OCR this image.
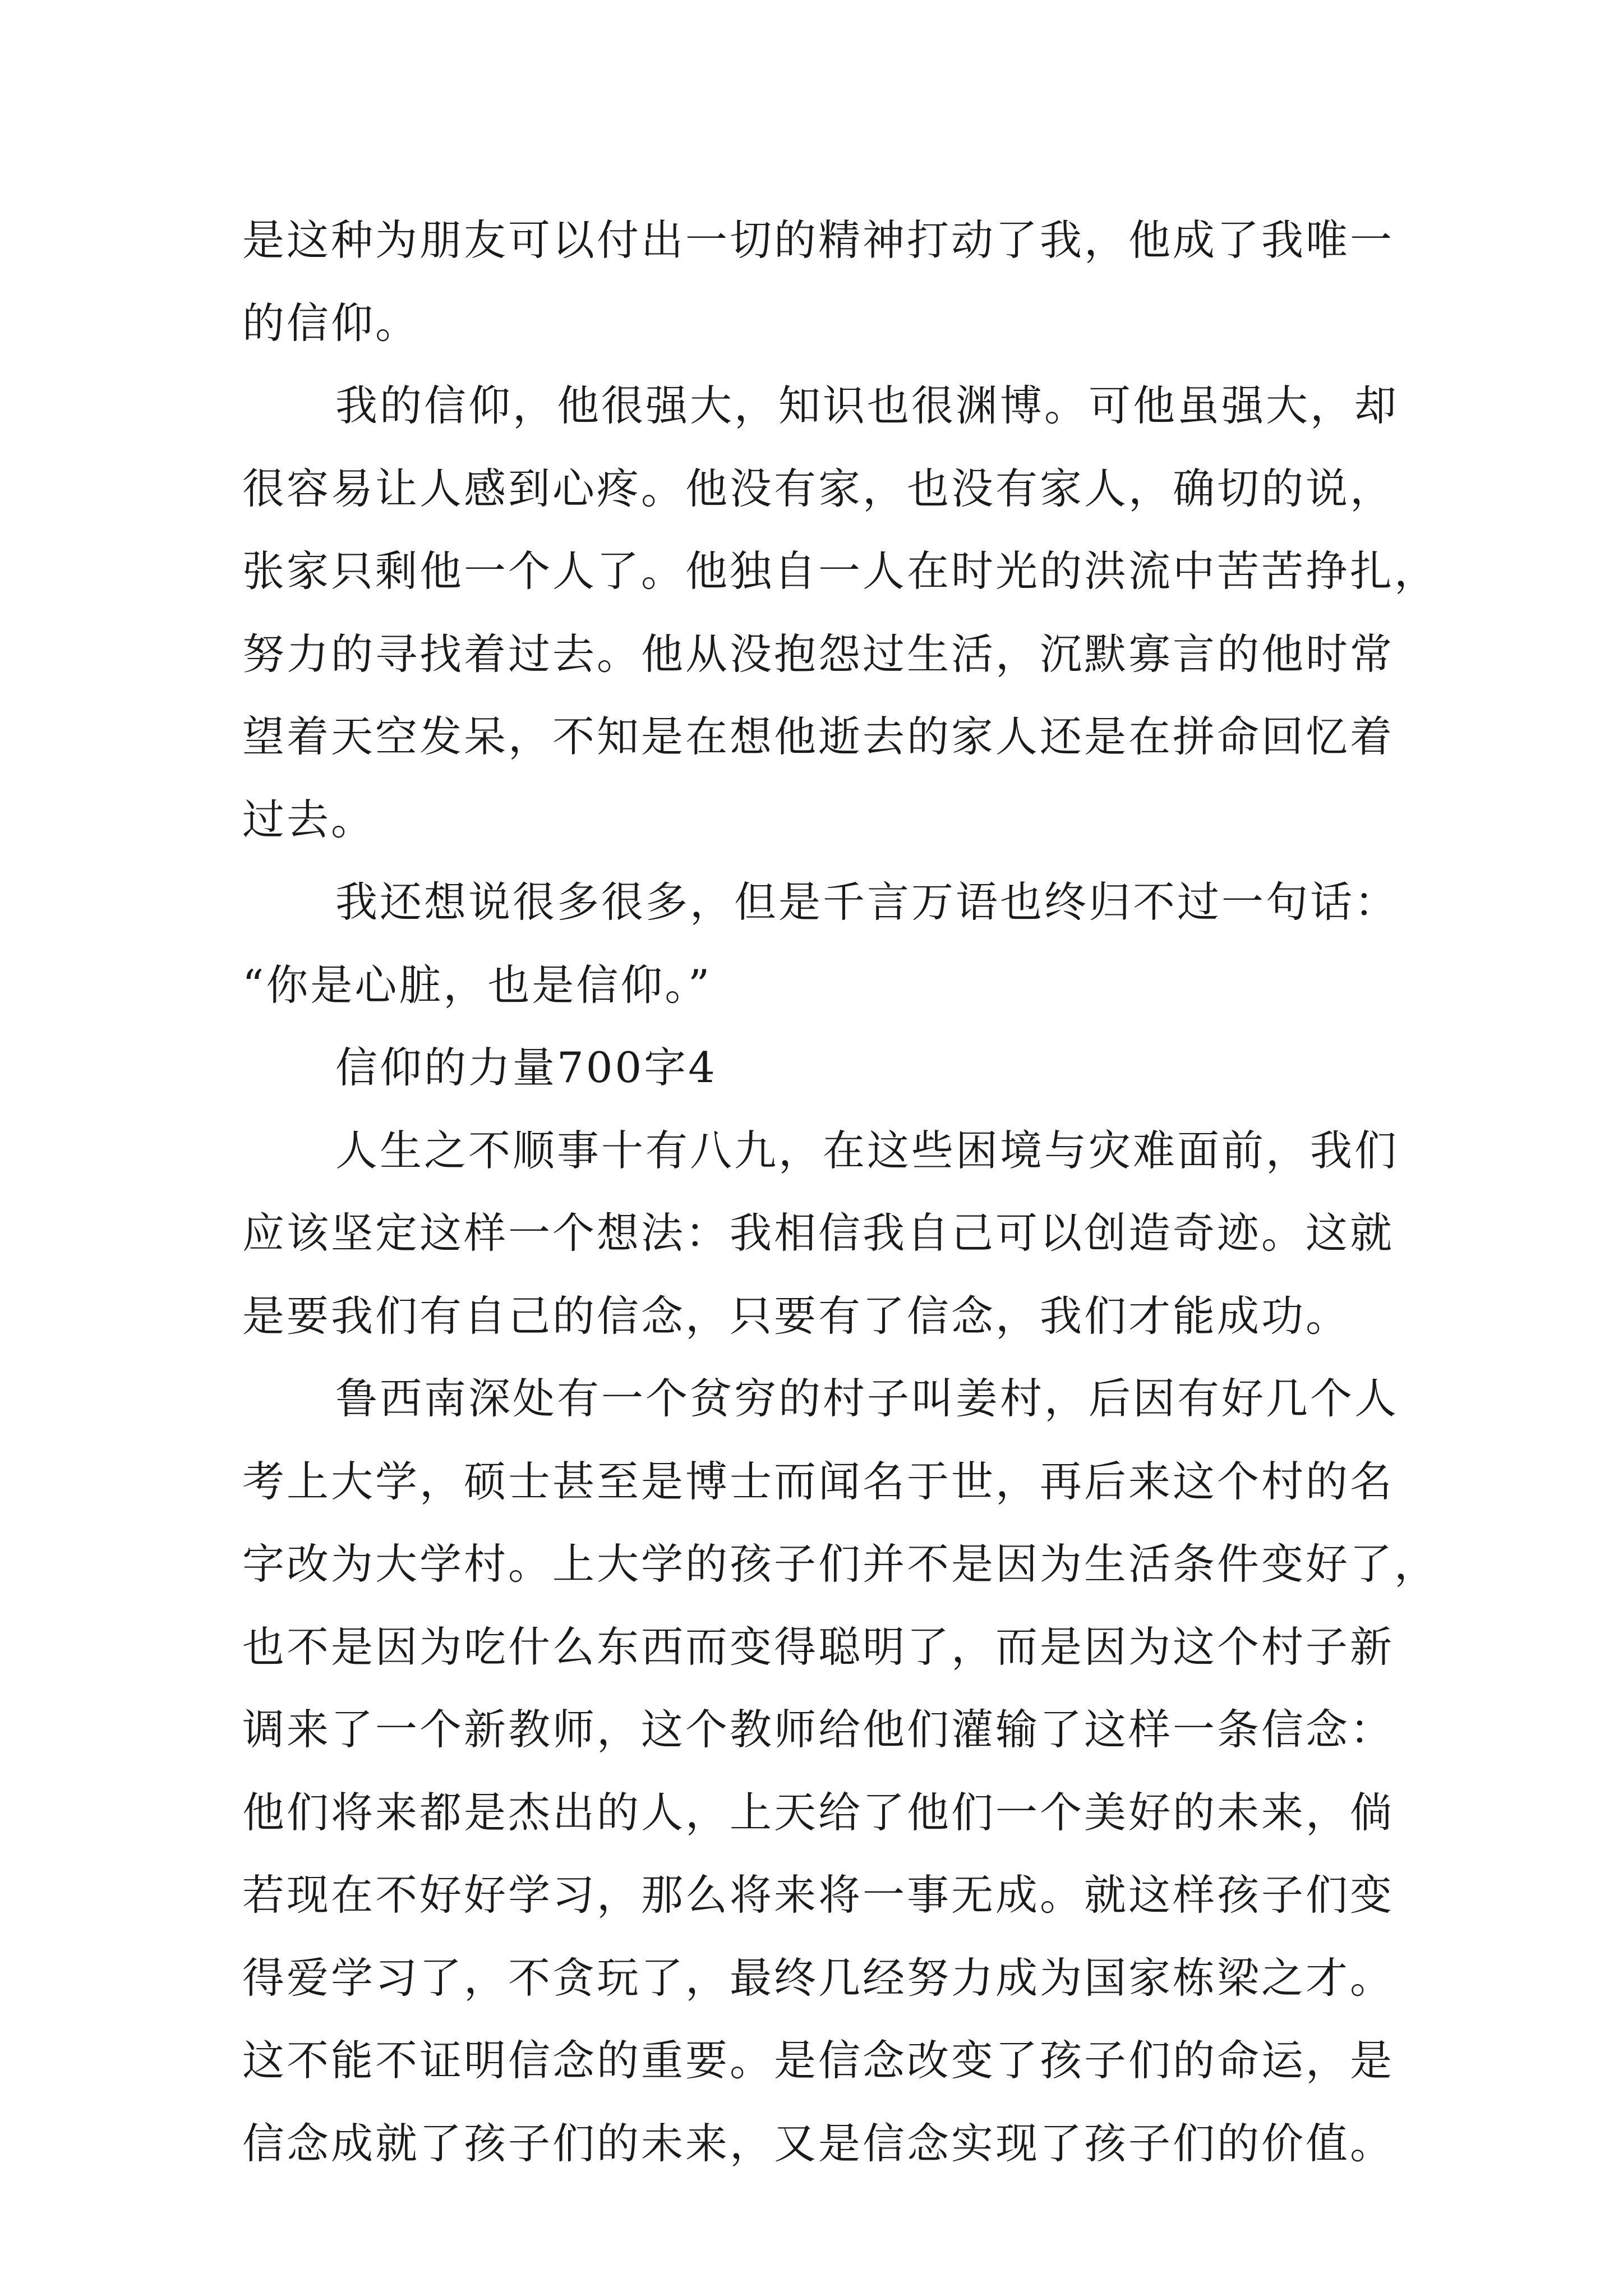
是这种为朋友可以付出一切的精神打动了我，他成了我唯一
的信仰。
我的信仰，他很强大，知识也很渊博。可他虽强大，却
很容易让人感到心疼。他没有家，也没有家人，确切的说，
张家只剩他一个人了。他独自一人在时光的洪流中苦苦挣扎，
努力的寻找着过去。他从没抱怨过生活，沉默寡言的他时常
望着天空发呆，不知是在想他逝去的家人还是在拼命回忆着
过去。
我还想说很多很多，但是千言万语也终归不过一句话：
“你是心脏，也是信仰。”
信仰的力量700字4
人生之不顺事十有八九，在这些困境与灾难面前，我们
应该坚定这样一个想法：我相信我自己可以创造奇迹。这就
是要我们有自己的信念，只要有了信念，我们才能成功。
鲁西南深处有一个贫穷的村子叫姜村，后因有好几个人
考上大学，硕士甚至是博士而闻名于世，再后来这个村的名
字改为大学村。上大学的孩子们并不是因为生活条件变好了，
也不是因为吃什么东西而变得聪明了，而是因为这个村子新
调来了一个新教师，这个教师给他们灌输了这样一条信念：
他们将来都是杰出的人，上天给了他们一个美好的未来，倘
若现在不好好学习，那么将来将一事无成。就这样孩子们变
得爱学习了，不贪玩了，最终几经努力成为国家栋梁之才。
这不能不证明信念的重要。是信念改变了孩子们的命运，是
信念成就了孩子们的未来，又是信念实现了孩子们的价值。
